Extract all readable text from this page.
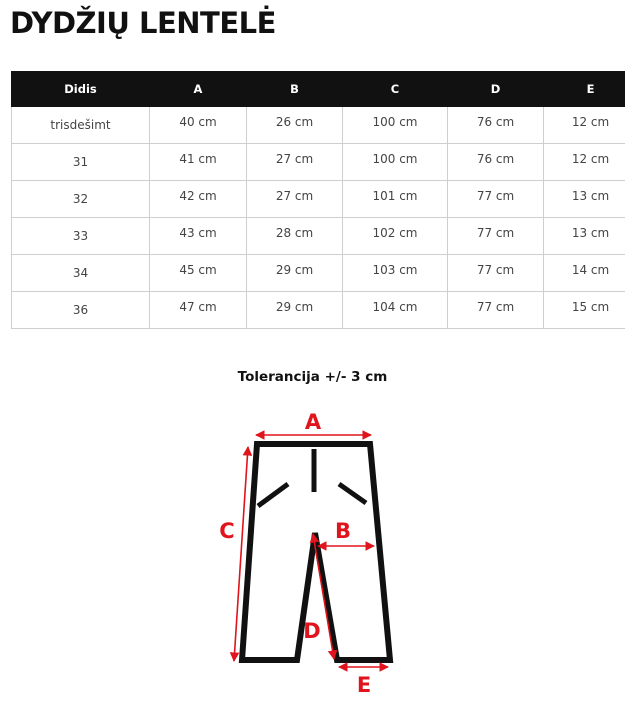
DYDŽIŲ LENTELĖ
Didis	A	B	C	D	E
trisdešimt	40 cm	26 cm	100 cm	76 cm	12 cm
31	41 cm	27 cm	100 cm	76 cm	12 cm
32	42 cm	27 cm	101 cm	77 cm	13 cm
33	43 cm	28 cm	102 cm	77 cm	13 cm
34	45 cm	29 cm	103 cm	77 cm	14 cm
36	47 cm	29 cm	104 cm	77 cm	15 cm
Tolerancija +/- 3 cm
A
B
C
D
E
